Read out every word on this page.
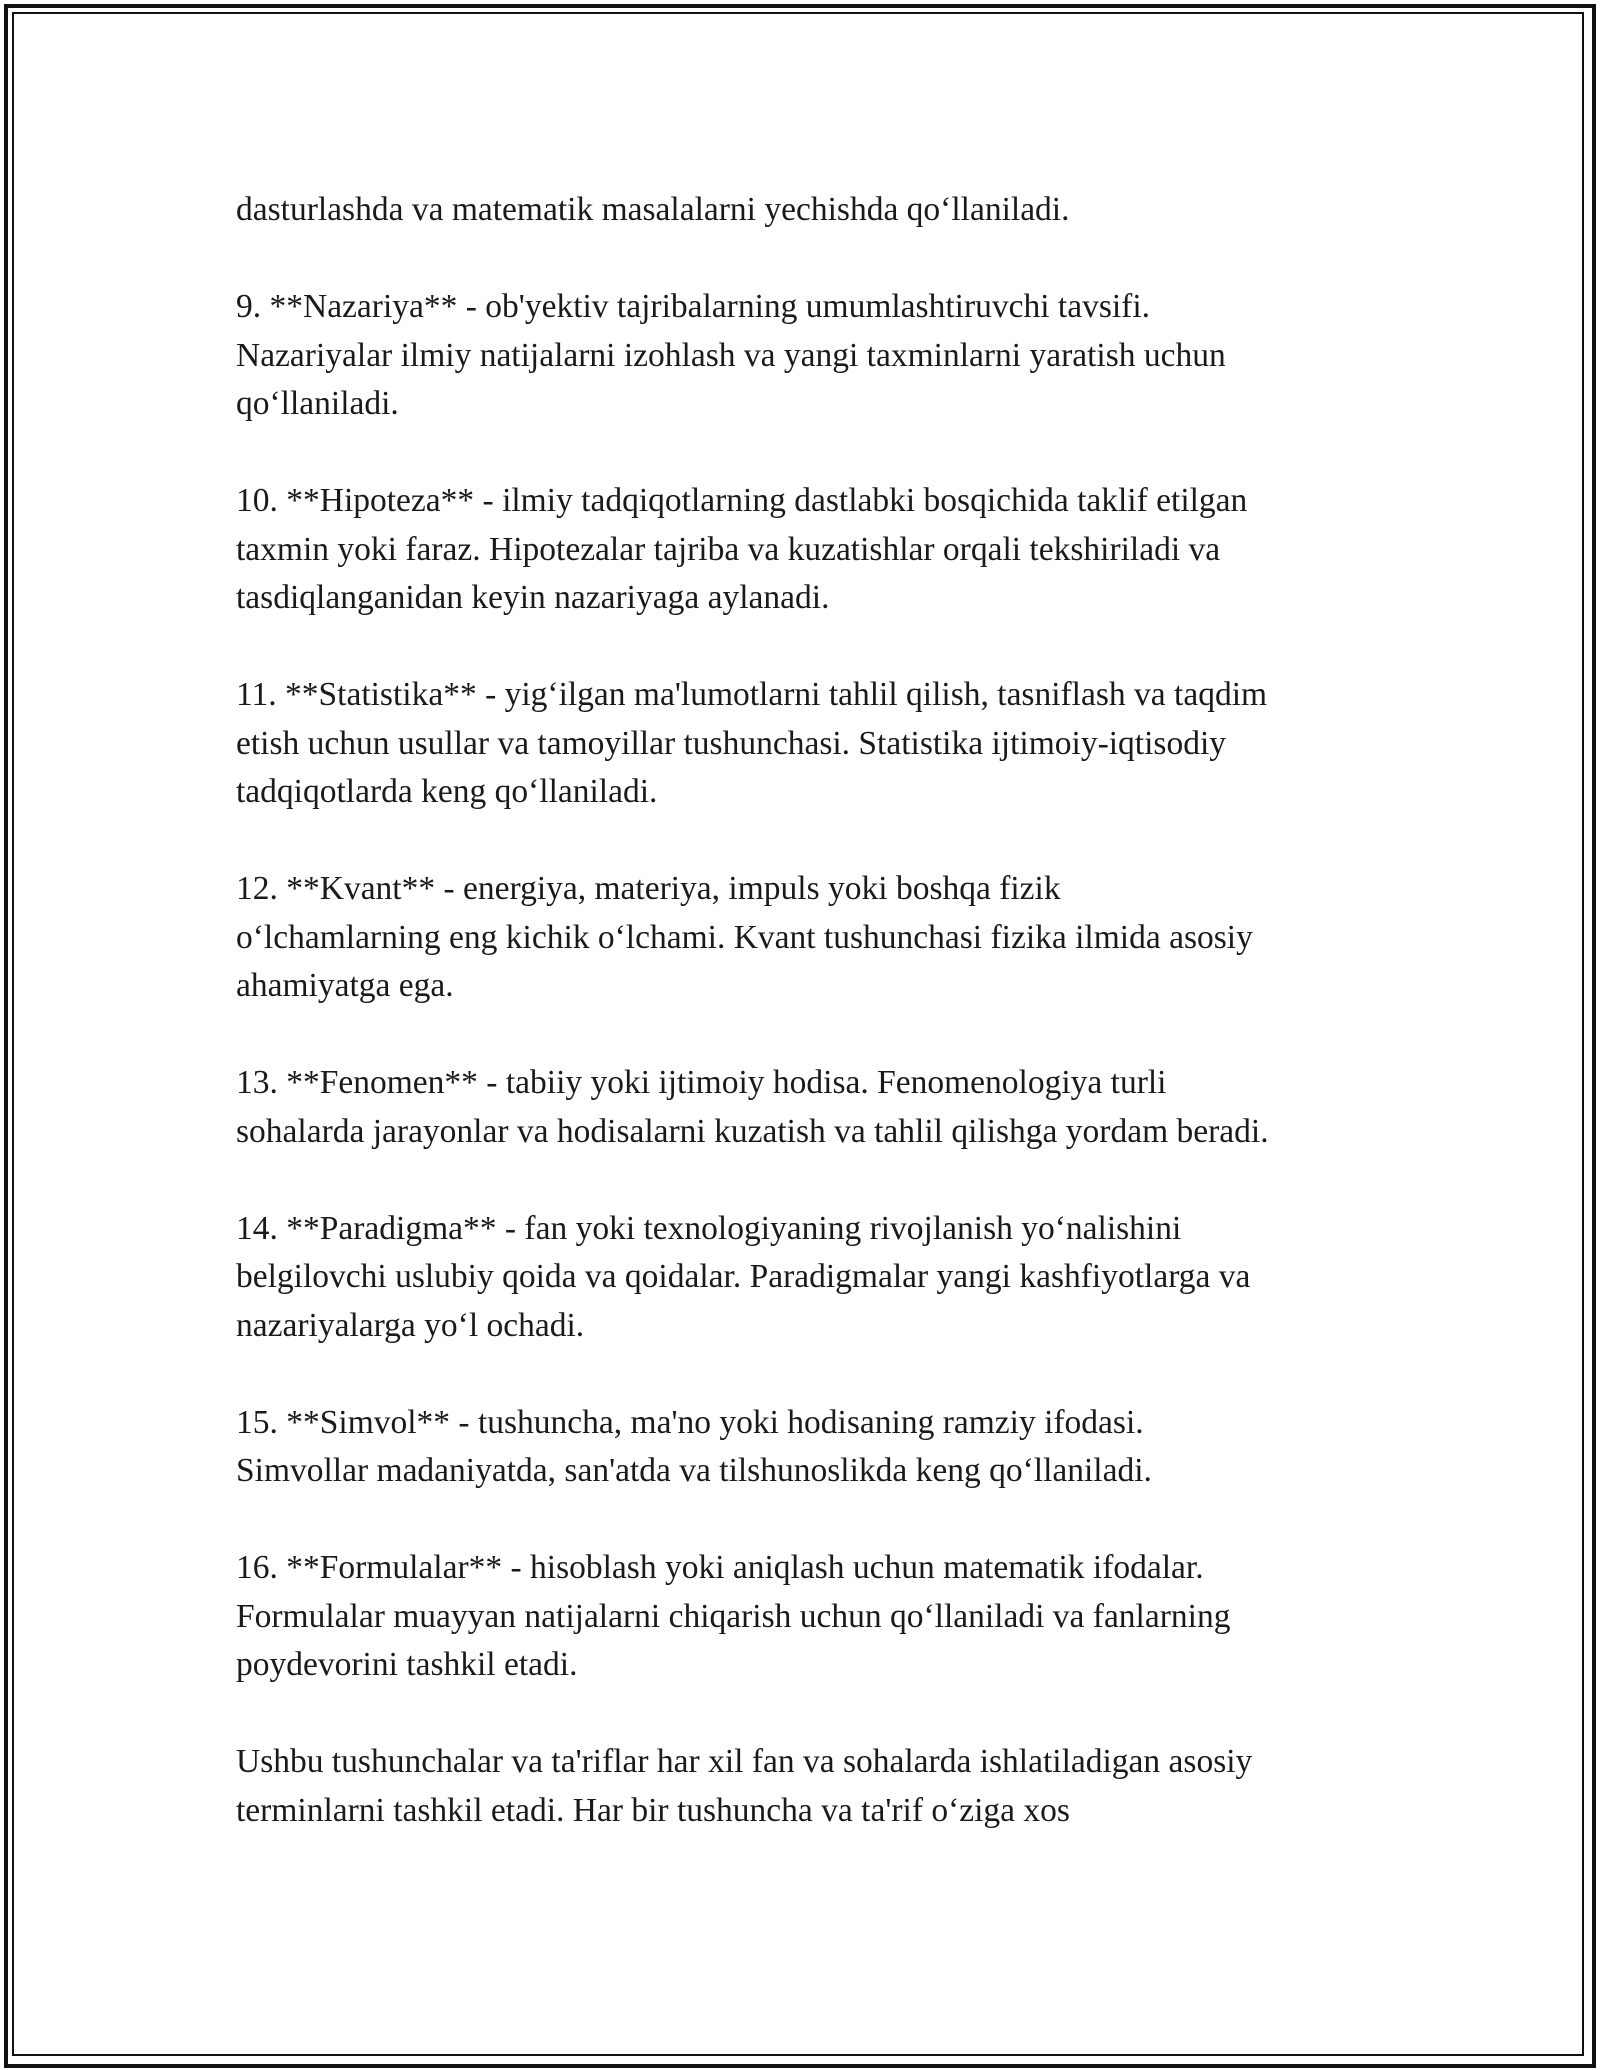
dasturlashda va matematik masalalarni yechishda qo‘llaniladi.

9. **Nazariya** - ob'yektiv tajribalarning umumlashtiruvchi tavsifi.
Nazariyalar ilmiy natijalarni izohlash va yangi taxminlarni yaratish uchun
qo‘llaniladi.

10. **Hipoteza** - ilmiy tadqiqotlarning dastlabki bosqichida taklif etilgan
taxmin yoki faraz. Hipotezalar tajriba va kuzatishlar orqali tekshiriladi va
tasdiqlanganidan keyin nazariyaga aylanadi.

11. **Statistika** - yig‘ilgan ma'lumotlarni tahlil qilish, tasniflash va taqdim
etish uchun usullar va tamoyillar tushunchasi. Statistika ijtimoiy-iqtisodiy
tadqiqotlarda keng qo‘llaniladi.

12. **Kvant** - energiya, materiya, impuls yoki boshqa fizik
o‘lchamlarning eng kichik o‘lchami. Kvant tushunchasi fizika ilmida asosiy
ahamiyatga ega.

13. **Fenomen** - tabiiy yoki ijtimoiy hodisa. Fenomenologiya turli
sohalarda jarayonlar va hodisalarni kuzatish va tahlil qilishga yordam beradi.

14. **Paradigma** - fan yoki texnologiyaning rivojlanish yo‘nalishini
belgilovchi uslubiy qoida va qoidalar. Paradigmalar yangi kashfiyotlarga va
nazariyalarga yo‘l ochadi.

15. **Simvol** - tushuncha, ma'no yoki hodisaning ramziy ifodasi.
Simvollar madaniyatda, san'atda va tilshunoslikda keng qo‘llaniladi.

16. **Formulalar** - hisoblash yoki aniqlash uchun matematik ifodalar.
Formulalar muayyan natijalarni chiqarish uchun qo‘llaniladi va fanlarning
poydevorini tashkil etadi.

Ushbu tushunchalar va ta'riflar har xil fan va sohalarda ishlatiladigan asosiy
terminlarni tashkil etadi. Har bir tushuncha va ta'rif o‘ziga xos
